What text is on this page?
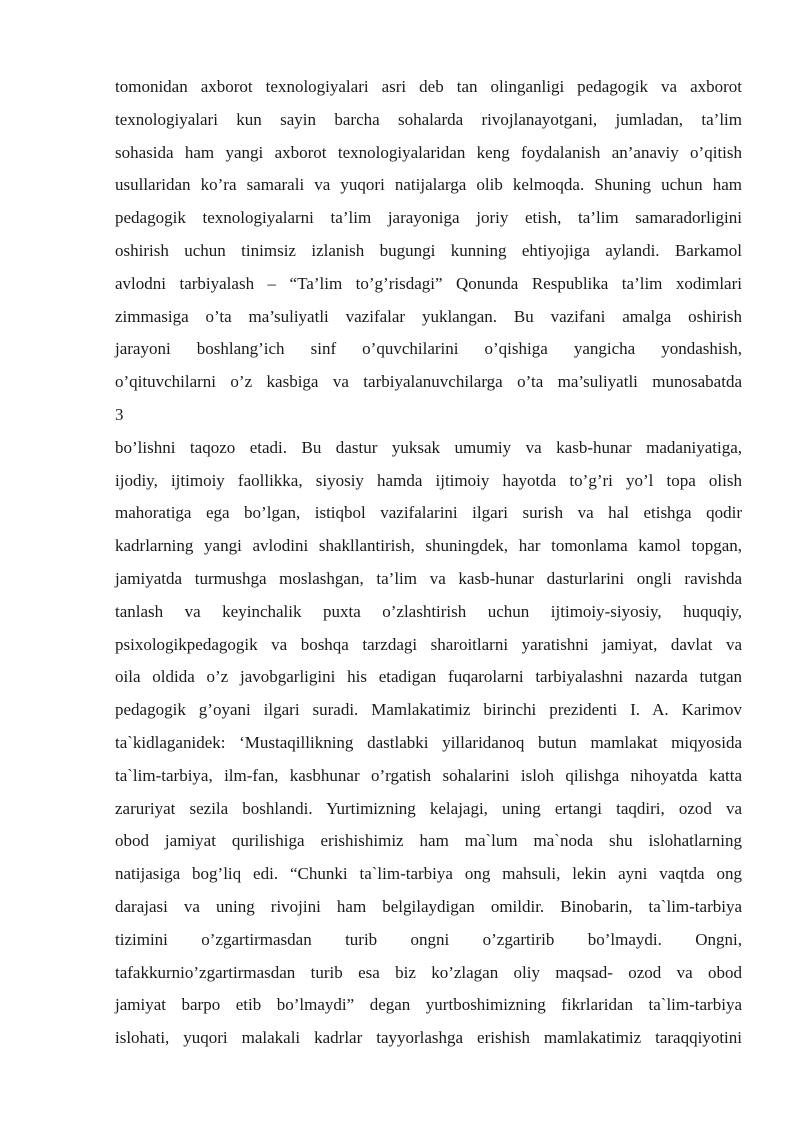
tomonidan axborot texnologiyalari asri deb tan olinganligi pedagogik va axborot
texnologiyalari kun sayin barcha sohalarda rivojlanayotgani, jumladan, ta’lim
sohasida ham yangi axborot texnologiyalaridan keng foydalanish an’anaviy o’qitish
usullaridan ko’ra samarali va yuqori natijalarga olib kelmoqda. Shuning uchun ham
pedagogik texnologiyalarni ta’lim jarayoniga joriy etish, ta’lim samaradorligini
oshirish uchun tinimsiz izlanish bugungi kunning ehtiyojiga aylandi. Barkamol
avlodni tarbiyalash – “Ta’lim to’g’risdagi” Qonunda Respublika ta’lim xodimlari
zimmasiga o’ta ma’suliyatli vazifalar yuklangan. Bu vazifani amalga oshirish
jarayoni boshlang’ich sinf o’quvchilarini o’qishiga yangicha yondashish,
o’qituvchilarni o’z kasbiga va tarbiyalanuvchilarga o’ta ma’suliyatli munosabatda
3
bo’lishni taqozo etadi. Bu dastur yuksak umumiy va kasb-hunar madaniyatiga,
ijodiy, ijtimoiy faollikka, siyosiy hamda ijtimoiy hayotda to’g’ri yo’l topa olish
mahoratiga ega bo’lgan, istiqbol vazifalarini ilgari surish va hal etishga qodir
kadrlarning yangi avlodini shakllantirish, shuningdek, har tomonlama kamol topgan,
jamiyatda turmushga moslashgan, ta’lim va kasb-hunar dasturlarini ongli ravishda
tanlash va keyinchalik puxta o’zlashtirish uchun ijtimoiy-siyosiy, huquqiy,
psixologikpedagogik va boshqa tarzdagi sharoitlarni yaratishni jamiyat, davlat va
oila oldida o’z javobgarligini his etadigan fuqarolarni tarbiyalashni nazarda tutgan
pedagogik g’oyani ilgari suradi. Mamlakatimiz birinchi prezidenti I. A. Karimov
ta`kidlaganidek: ‘Mustaqillikning dastlabki yillaridanoq butun mamlakat miqyosida
ta`lim-tarbiya, ilm-fan, kasbhunar o’rgatish sohalarini isloh qilishga nihoyatda katta
zaruriyat sezila boshlandi. Yurtimizning kelajagi, uning ertangi taqdiri, ozod va
obod jamiyat qurilishiga erishishimiz ham ma`lum ma`noda shu islohatlarning
natijasiga bog’liq edi. “Chunki ta`lim-tarbiya ong mahsuli, lekin ayni vaqtda ong
darajasi va uning rivojini ham belgilaydigan omildir. Binobarin, ta`lim-tarbiya
tizimini o’zgartirmasdan turib ongni o’zgartirib bo’lmaydi. Ongni,
tafakkurnio’zgartirmasdan turib esa biz ko’zlagan oliy maqsad- ozod va obod
jamiyat barpo etib bo’lmaydi” degan yurtboshimizning fikrlaridan ta`lim-tarbiya
islohati, yuqori malakali kadrlar tayyorlashga erishish mamlakatimiz taraqqiyotini
